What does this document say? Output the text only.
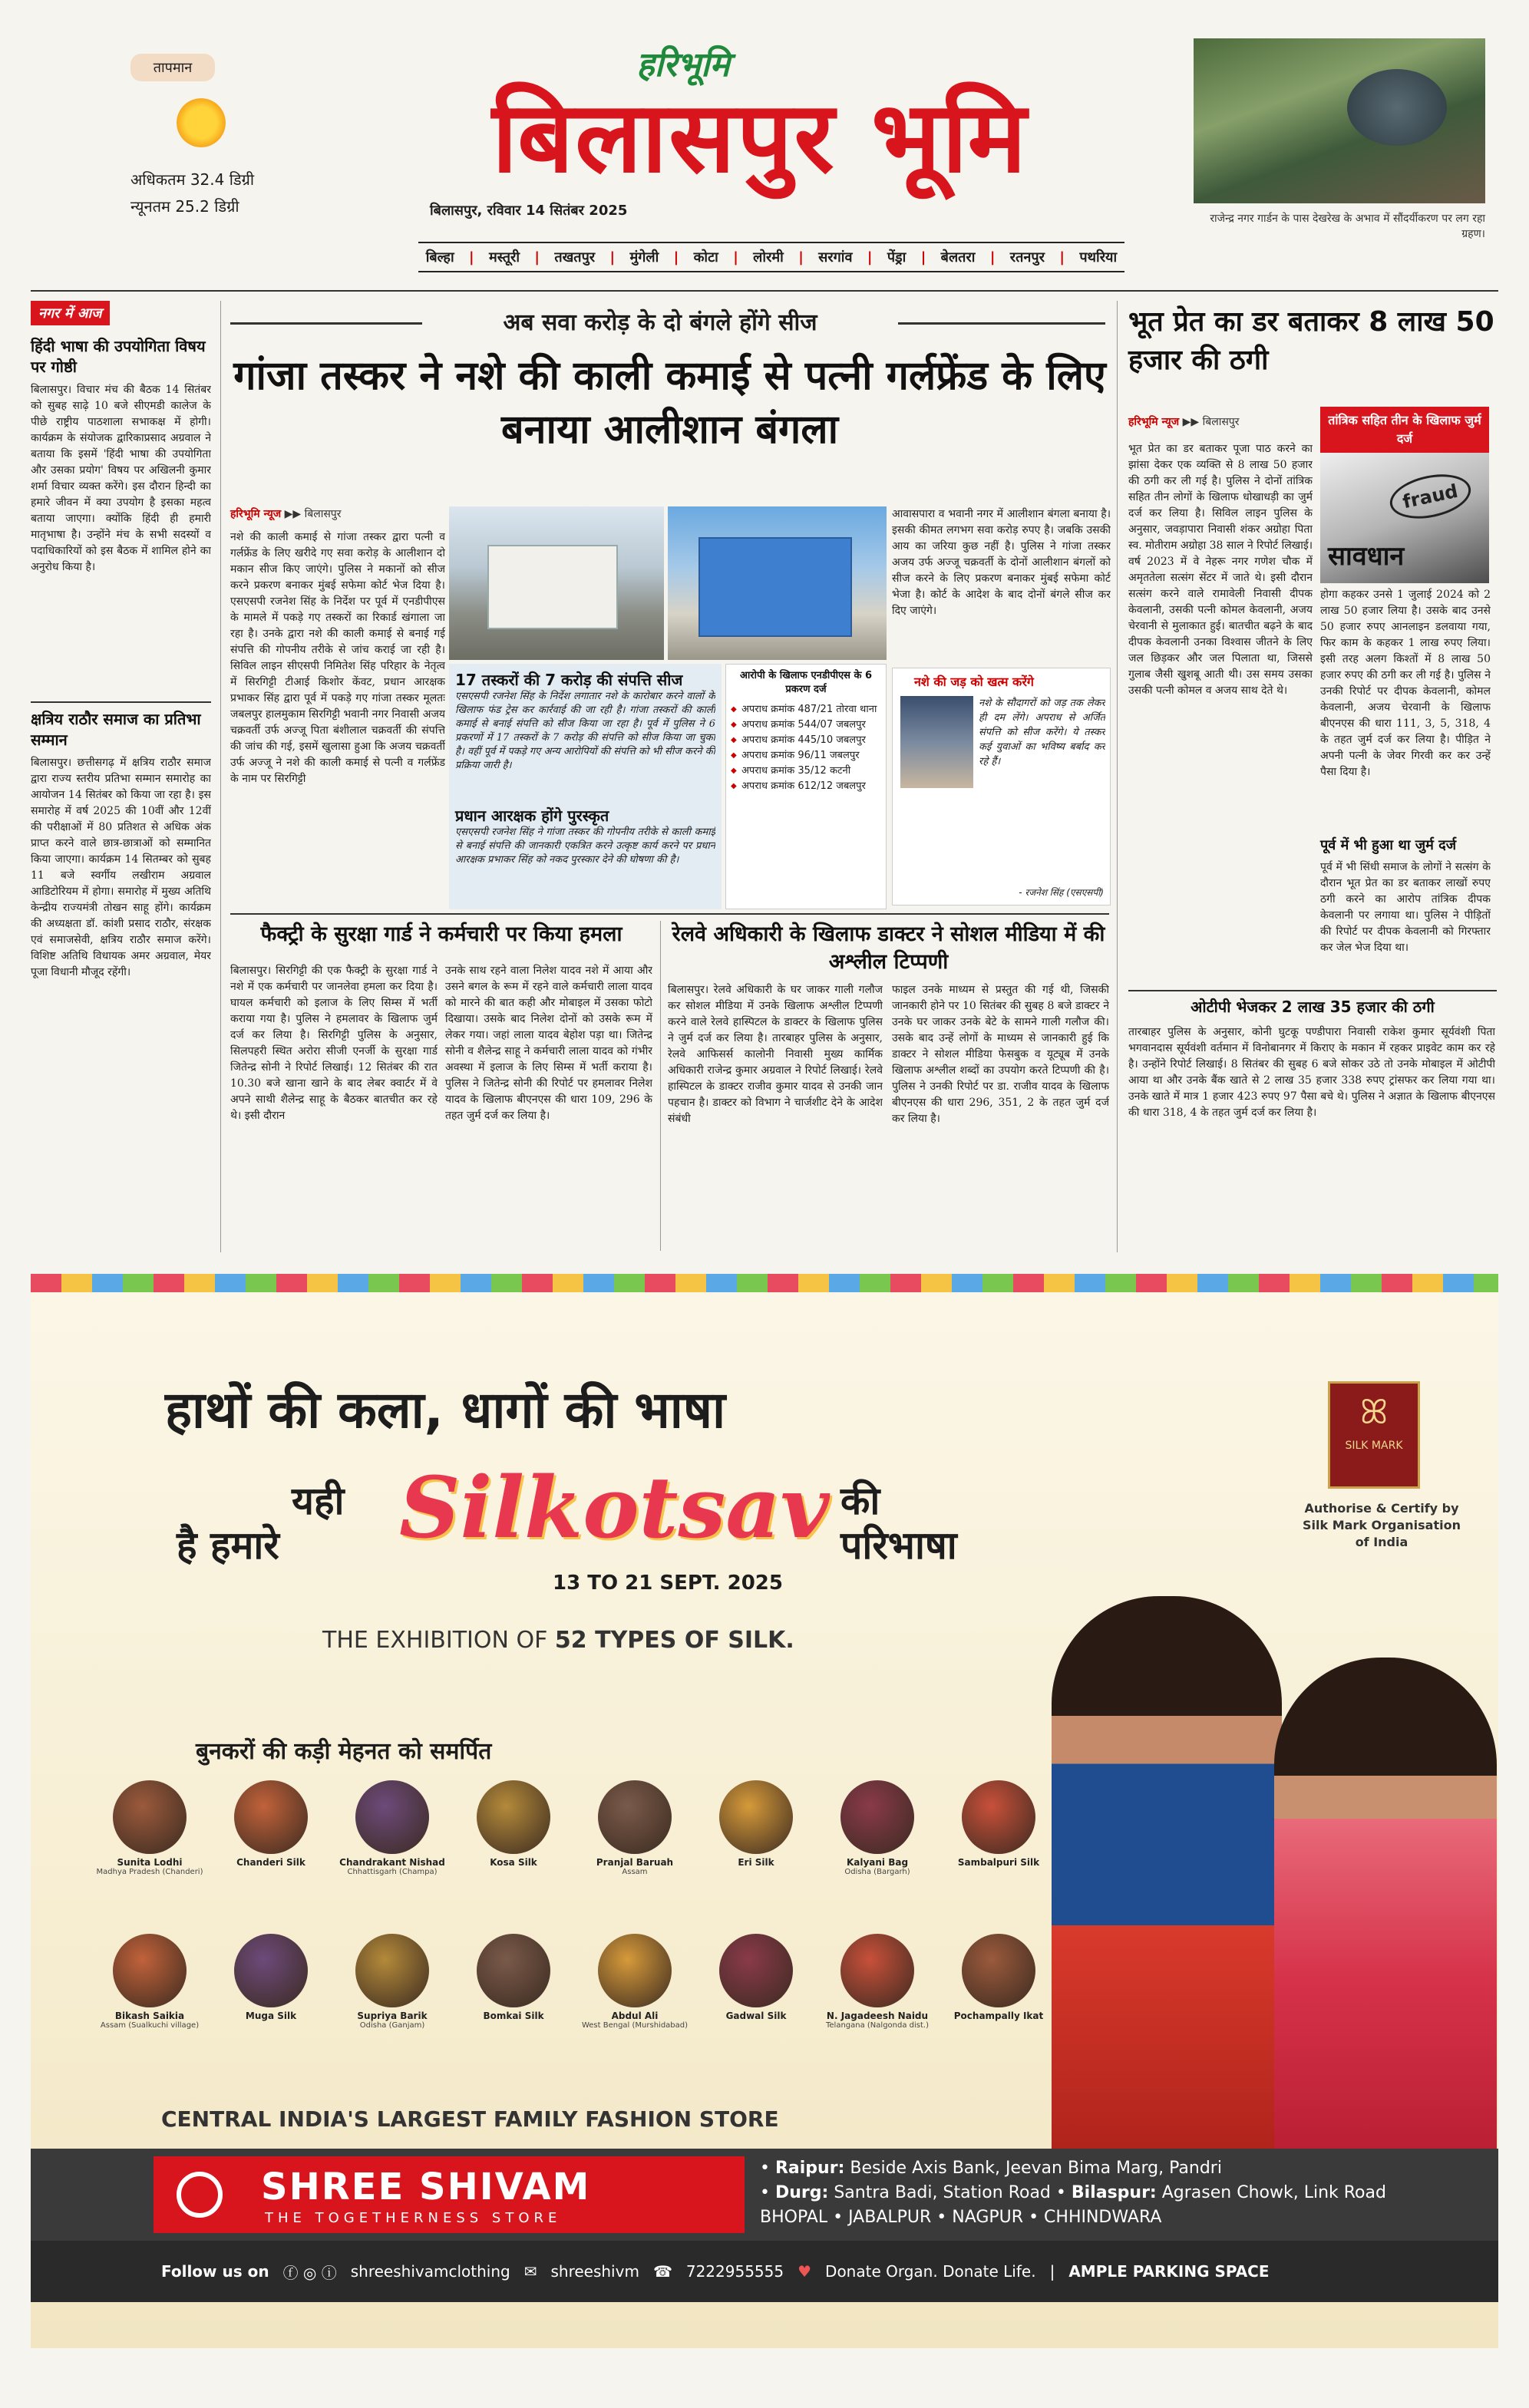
तापमान
अधिकतम 32.4 डिग्री
न्यूनतम 25.2 डिग्री
हरिभूमि
बिलासपुर भूमि
बिलासपुर, रविवार 14 सितंबर 2025
बिल्हा | मस्तूरी | तखतपुर | मुंगेली | कोटा | लोरमी | सरगांव | पेंड्रा | बेलतरा | रतनपुर | पथरिया
राजेन्द्र नगर गार्डन के पास देखरेख के अभाव में सौंदर्यीकरण पर लग रहा ग्रहण।
नगर में आज
हिंदी भाषा की उपयोगिता विषय पर गोष्ठी
बिलासपुर। विचार मंच की बैठक 14 सितंबर को सुबह साढ़े 10 बजे सीएमडी कालेज के पीछे राष्ट्रीय पाठशाला सभाकक्ष में होगी। कार्यक्रम के संयोजक द्वारिकाप्रसाद अग्रवाल ने बताया कि इसमें 'हिंदी भाषा की उपयोगिता और उसका प्रयोग' विषय पर अखिलनी कुमार शर्मा विचार व्यक्त करेंगे। इस दौरान हिन्दी का हमारे जीवन में क्या उपयोग है इसका महत्व बताया जाएगा। क्योंकि हिंदी ही हमारी मातृभाषा है। उन्होंने मंच के सभी सदस्यों व पदाधिकारियों को इस बैठक में शामिल होने का अनुरोध किया है।
क्षत्रिय राठौर समाज का प्रतिभा सम्मान
बिलासपुर। छत्तीसगढ़ में क्षत्रिय राठौर समाज द्वारा राज्य स्तरीय प्रतिभा सम्मान समारोह का आयोजन 14 सितंबर को किया जा रहा है। इस समारोह में वर्ष 2025 की 10वीं और 12वीं की परीक्षाओं में 80 प्रतिशत से अधिक अंक प्राप्त करने वाले छात्र-छात्राओं को सम्मानित किया जाएगा। कार्यक्रम 14 सितम्बर को सुबह 11 बजे स्वर्गीय लखीराम अग्रवाल आडिटोरियम में होगा। समारोह में मुख्य अतिथि केन्द्रीय राज्यमंत्री तोखन साहू होंगे। कार्यक्रम की अध्यक्षता डॉ. कांशी प्रसाद राठौर, संरक्षक एवं समाजसेवी, क्षत्रिय राठौर समाज करेंगे। विशिष्ट अतिथि विधायक अमर अग्रवाल, मेयर पूजा विधानी मौजूद रहेंगी।
अब सवा करोड़ के दो बंगले होंगे सीज
गांजा तस्कर ने नशे की काली कमाई से पत्नी गर्लफ्रेंड के लिए बनाया आलीशान बंगला
हरिभूमि न्यूज ▶▶ बिलासपुर
नशे की काली कमाई से गांजा तस्कर द्वारा पत्नी व गर्लफ्रेंड के लिए खरीदे गए सवा करोड़ के आलीशान दो मकान सीज किए जाएंगे। पुलिस ने मकानों को सीज करने प्रकरण बनाकर मुंबई सफेमा कोर्ट भेज दिया है। एसएसपी रजनेश सिंह के निर्देश पर पूर्व में एनडीपीएस के मामले में पकड़े गए तस्करों का रिकार्ड खंगाला जा रहा है। उनके द्वारा नशे की काली कमाई से बनाई गई संपत्ति की गोपनीय तरीके से जांच कराई जा रही है। सिविल लाइन सीएसपी निमितेश सिंह परिहार के नेतृत्व में सिरगिट्टी टीआई किशोर केंवट, प्रधान आरक्षक प्रभाकर सिंह द्वारा पूर्व में पकड़े गए गांजा तस्कर मूलतः जबलपुर हालमुकाम सिरगिट्टी भवानी नगर निवासी अजय चक्रवर्ती उर्फ अज्जू पिता बंशीलाल चक्रवर्ती की संपत्ति की जांच की गई, इसमें खुलासा हुआ कि अजय चक्रवर्ती उर्फ अज्जू ने नशे की काली कमाई से पत्नी व गर्लफ्रेंड के नाम पर सिरगिट्टी
17 तस्करों की 7 करोड़ की संपत्ति सीज
एसएसपी रजनेश सिंह के निर्देश लगातार नशे के कारोबार करने वालों के खिलाफ फंड ट्रेस कर कार्रवाई की जा रही है। गांजा तस्करों की काली कमाई से बनाई संपत्ति को सीज किया जा रहा है। पूर्व में पुलिस ने 6 प्रकरणों में 17 तस्करों के 7 करोड़ की संपत्ति को सीज किया जा चुका है। वहीं पूर्व में पकड़े गए अन्य आरोपियों की संपत्ति को भी सीज करने की प्रक्रिया जारी है।
प्रधान आरक्षक होंगे पुरस्कृत
एसएसपी रजनेश सिंह ने गांजा तस्कर की गोपनीय तरीके से काली कमाई से बनाई संपत्ति की जानकारी एकत्रित करने उत्कृष्ट कार्य करने पर प्रधान आरक्षक प्रभाकर सिंह को नकद पुरस्कार देने की घोषणा की है।
आरोपी के खिलाफ एनडीपीएस के 6 प्रकरण दर्ज
◆ अपराध क्रमांक 487/21 तोरवा थाना
◆ अपराध क्रमांक 544/07 जबलपुर
◆ अपराध क्रमांक 445/10 जबलपुर
◆ अपराध क्रमांक 96/11 जबलपुर
◆ अपराध क्रमांक 35/12 कटनी
◆ अपराध क्रमांक 612/12 जबलपुर
आवासपारा व भवानी नगर में आलीशान बंगला बनाया है। इसकी कीमत लगभग सवा करोड़ रुपए है। जबकि उसकी आय का जरिया कुछ नहीं है। पुलिस ने गांजा तस्कर अजय उर्फ अज्जू चक्रवर्ती के दोनों आलीशान बंगलों को सीज करने के लिए प्रकरण बनाकर मुंबई सफेमा कोर्ट भेजा है। कोर्ट के आदेश के बाद दोनों बंगले सीज कर दिए जाएंगे।
नशे की जड़ को खत्म करेंगे
नशे के सौदागरों को जड़ तक लेकर ही दम लेंगे। अपराध से अर्जित संपत्ति को सीज करेंगे। ये तस्कर कई युवाओं का भविष्य बर्बाद कर रहे हैं।
- रजनेश सिंह (एसएसपी)
फैक्ट्री के सुरक्षा गार्ड ने कर्मचारी पर किया हमला
बिलासपुर। सिरगिट्टी की एक फैक्ट्री के सुरक्षा गार्ड ने नशे में एक कर्मचारी पर जानलेवा हमला कर दिया है। घायल कर्मचारी को इलाज के लिए सिम्स में भर्ती कराया गया है। पुलिस ने हमलावर के खिलाफ जुर्म दर्ज कर लिया है। सिरगिट्टी पुलिस के अनुसार, सिलपहरी स्थित अरोरा सीजी एनर्जी के सुरक्षा गार्ड जितेन्द्र सोनी ने रिपोर्ट लिखाई। 12 सितंबर की रात 10.30 बजे खाना खाने के बाद लेबर क्वार्टर में वे अपने साथी शैलेन्द्र साहू के बैठकर बातचीत कर रहे थे। इसी दौरान
उनके साथ रहने वाला निलेश यादव नशे में आया और उसने बगल के रूम में रहने वाले कर्मचारी लाला यादव को मारने की बात कही और मोबाइल में उसका फोटो दिखाया। उसके बाद निलेश दोनों को उसके रूम में लेकर गया। जहां लाला यादव बेहोश पड़ा था। जितेन्द्र सोनी व शैलेन्द्र साहू ने कर्मचारी लाला यादव को गंभीर अवस्था में इलाज के लिए सिम्स में भर्ती कराया है। पुलिस ने जितेन्द्र सोनी की रिपोर्ट पर हमलावर निलेश यादव के खिलाफ बीएनएस की धारा 109, 296 के तहत जुर्म दर्ज कर लिया है।
रेलवे अधिकारी के खिलाफ डाक्टर ने सोशल मीडिया में की अश्लील टिप्पणी
बिलासपुर। रेलवे अधिकारी के घर जाकर गाली गलौज कर सोशल मीडिया में उनके खिलाफ अश्लील टिप्पणी करने वाले रेलवे हास्पिटल के डाक्टर के खिलाफ पुलिस ने जुर्म दर्ज कर लिया है। तारबाहर पुलिस के अनुसार, रेलवे आफिसर्स कालोनी निवासी मुख्य कार्मिक अधिकारी राजेन्द्र कुमार अग्रवाल ने रिपोर्ट लिखाई। रेलवे हास्पिटल के डाक्टर राजीव कुमार यादव से उनकी जान पहचान है। डाक्टर को विभाग ने चार्जशीट देने के आदेश संबंधी
फाइल उनके माध्यम से प्रस्तुत की गई थी, जिसकी जानकारी होने पर 10 सितंबर की सुबह 8 बजे डाक्टर ने उनके घर जाकर उनके बेटे के सामने गाली गलौज की। उसके बाद उन्हें लोगों के माध्यम से जानकारी हुई कि डाक्टर ने सोशल मीडिया फेसबुक व यूट्यूब में उनके खिलाफ अश्लील शब्दों का उपयोग करते टिप्पणी की है। पुलिस ने उनकी रिपोर्ट पर डा. राजीव यादव के खिलाफ बीएनएस की धारा 296, 351, 2 के तहत जुर्म दर्ज कर लिया है।
भूत प्रेत का डर बताकर 8 लाख 50 हजार की ठगी
हरिभूमि न्यूज ▶▶ बिलासपुर	तांत्रिक सहित तीन के खिलाफ जुर्म दर्ज
fraud
सावधान
भूत प्रेत का डर बताकर पूजा पाठ करने का झांसा देकर एक व्यक्ति से 8 लाख 50 हजार की ठगी कर ली गई है। पुलिस ने दोनों तांत्रिक सहित तीन लोगों के खिलाफ धोखाधड़ी का जुर्म दर्ज कर लिया है। सिविल लाइन पुलिस के अनुसार, जवड़ापारा निवासी शंकर अग्रोहा पिता स्व. मोतीराम अग्रोहा 38 साल ने रिपोर्ट लिखाई। वर्ष 2023 में वे नेहरू नगर गणेश चौक में अमृततेला सत्संग सेंटर में जाते थे। इसी दौरान सत्संग करने वाले रामावेली निवासी दीपक केवलानी, उसकी पत्नी कोमल केवलानी, अजय चेरवानी से मुलाकात हुई। बातचीत बढ़ने के बाद दीपक केवलानी उनका विश्वास जीतने के लिए जल छिड़कर और जल पिलाता था, जिससे गुलाब जैसी खुशबू आती थी। उस समय उसका उसकी पत्नी कोमल व अजय साथ देते थे।
होगा कहकर उनसे 1 जुलाई 2024 को 2 लाख 50 हजार लिया है। उसके बाद उनसे 50 हजार रुपए आनलाइन डलवाया गया, फिर काम के कहकर 1 लाख रुपए लिया। इसी तरह अलग किश्तों में 8 लाख 50 हजार रुपए की ठगी कर ली गई है। पुलिस ने उनकी रिपोर्ट पर दीपक केवलानी, कोमल केवलानी, अजय चेरवानी के खिलाफ बीएनएस की धारा 111, 3, 5, 318, 4 के तहत जुर्म दर्ज कर लिया है। पीड़ित ने अपनी पत्नी के जेवर गिरवी कर कर उन्हें पैसा दिया है।
पूर्व में भी हुआ था जुर्म दर्ज
पूर्व में भी सिंधी समाज के लोगों ने सत्संग के दौरान भूत प्रेत का डर बताकर लाखों रुपए ठगी करने का आरोप तांत्रिक दीपक केवलानी पर लगाया था। पुलिस ने पीड़ितों की रिपोर्ट पर दीपक केवलानी को गिरफ्तार कर जेल भेज दिया था।
ओटीपी भेजकर 2 लाख 35 हजार की ठगी
तारबाहर पुलिस के अनुसार, कोनी घुटकू पण्डीपारा निवासी राकेश कुमार सूर्यवंशी पिता भगवानदास सूर्यवंशी वर्तमान में विनोबानगर में किराए के मकान में रहकर प्राइवेट काम कर रहे है। उन्होंने रिपोर्ट लिखाई। 8 सितंबर की सुबह 6 बजे सोकर उठे तो उनके मोबाइल में ओटीपी आया था और उनके बैंक खाते से 2 लाख 35 हजार 338 रुपए ट्रांसफर कर लिया गया था। उनके खाते में मात्र 1 हजार 423 रुपए 97 पैसा बचे थे। पुलिस ने अज्ञात के खिलाफ बीएनएस की धारा 318, 4 के तहत जुर्म दर्ज कर लिया है।
हाथों की कला, धागों की भाषा
यही
है हमारे Silkotsav
13 TO 21 SEPT. 2025
की
परिभाषा
THE EXHIBITION OF 52 TYPES OF SILK.
ꕤ
SILK MARK
Authorise & Certify by Silk Mark Organisation of India
बुनकरों की कड़ी मेहनत को समर्पित
Sunita Lodhi
Madhya Pradesh (Chanderi)
Chanderi Silk	Chandrakant Nishad
Chhattisgarh (Champa)
Kosa Silk	Pranjal Baruah
Assam
Eri Silk	Kalyani Bag
Odisha (Bargarh)
Sambalpuri Silk
Bikash Saikia
Assam (Sualkuchi village)
Muga Silk	Supriya Barik
Odisha (Ganjam)
Bomkai Silk	Abdul Ali
West Bengal (Murshidabad)
Gadwal Silk	N. Jagadeesh Naidu
Telangana (Nalgonda dist.)
Pochampally Ikat
CENTRAL INDIA'S LARGEST FAMILY FASHION STORE
SHREE SHIVAM
THE TOGETHERNESS STORE
• Raipur: Beside Axis Bank, Jeevan Bima Marg, Pandri
• Durg: Santra Badi, Station Road • Bilaspur: Agrasen Chowk, Link Road
BHOPAL • JABALPUR • NAGPUR • CHHINDWARA
Follow us on ⓕ ◎ ⓘ shreeshivamclothing ✉ shreeshivm ☎ 7222955555 ♥ Donate Organ. Donate Life. | AMPLE PARKING SPACE
